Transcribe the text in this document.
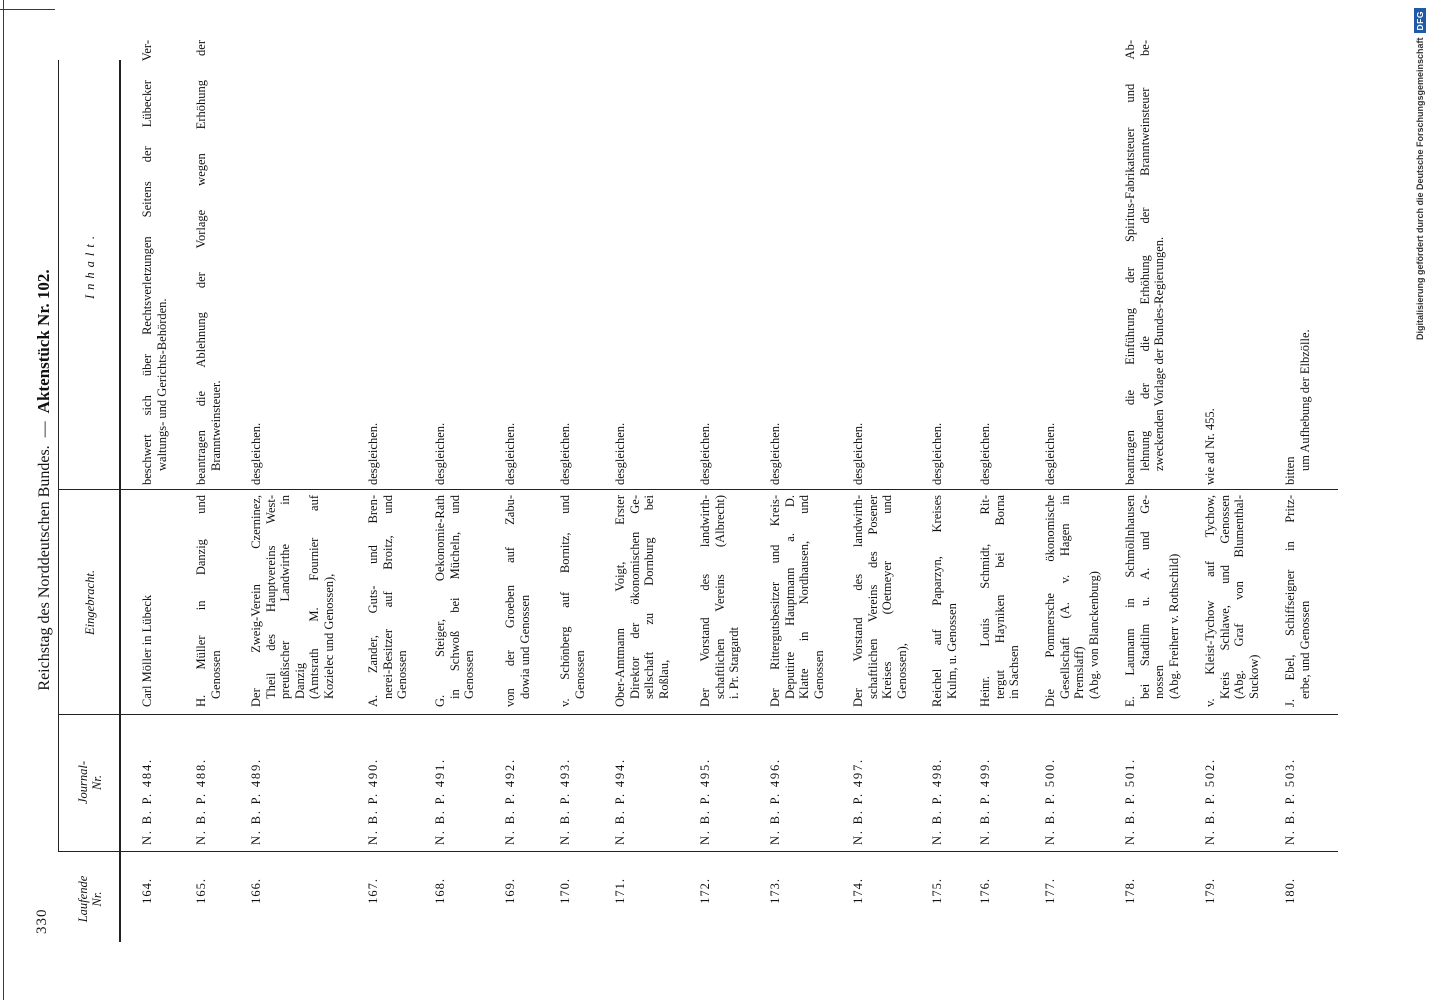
330
Reichstag des Norddeutschen Bundes.—Aktenstück Nr. 102.
Laufende Nr.
Journal- Nr.
Eingebracht.
Inhalt.
164.
N. B. P. 484.
Carl Möller in Lübeck
beschwert sich über Rechtsverletzungen Seitens der Lübecker Ver- waltungs- und Gerichts-Behörden.
165.
N. B. P. 488.
H. Müller in Danzig und Genossen
beantragen die Ablehnung der Vorlage wegen Erhöhung der Branntweinsteuer.
166.
N. B. P. 489.
Der Zweig-Verein Czerninez, Theil des Hauptvereins West- preußischer Landwirthe in Danzig (Amtsrath M. Fournier auf Kozielec und Genossen),
desgleichen.
167.
N. B. P. 490.
A. Zander, Guts- und Bren- nerei-Besitzer auf Broitz, und Genossen
desgleichen.
168.
N. B. P. 491.
G. Steiger, Oekonomie-Rath in Schwoß bei Mücheln, und Genossen
desgleichen.
169.
N. B. P. 492.
von der Groeben auf Zabu- dowia und Genossen
desgleichen.
170.
N. B. P. 493.
v. Schönberg auf Bornitz, und Genossen
desgleichen.
171.
N. B. P. 494.
Ober-Amtmann Voigt, Erster Direktor der ökonomischen Ge- sellschaft zu Dornburg bei Roßlau,
desgleichen.
172.
N. B. P. 495.
Der Vorstand des landwirth- schaftlichen Vereins (Albrecht) i. Pr. Stargardt
desgleichen.
173.
N. B. P. 496.
Der Rittergutsbesitzer und Kreis- Deputirte Hauptmann a. D. Klatte in Nordhausen, und Genossen
desgleichen.
174.
N. B. P. 497.
Der Vorstand des landwirth- schaftlichen Vereins des Posener Kreises (Oetmeyer und Genossen),
desgleichen.
175.
N. B. P. 498.
Reichel auf Paparzyn, Kreises Kulm, u. Genossen
desgleichen.
176.
N. B. P. 499.
Heinr. Louis Schmidt, Rit- tergut Hayniken bei Borna in Sachsen
desgleichen.
177.
N. B. P. 500.
Die Pommersche ökonomische Gesellschaft (A. v. Hagen in Premslaff) (Abg. von Blanckenburg)
desgleichen.
178.
N. B. P. 501.
E. Laumann in Schmöllnhausen bei Stadtilm u. A. und Ge- nossen (Abg. Freiherr v. Rothschild)
beantragen die Einführung der Spiritus-Fabrikatsteuer und Ab- lehnung der die Erhöhung der Branntweinsteuer be- zweckenden Vorlage der Bundes-Regierungen.
179.
N. B. P. 502.
v. Kleist-Tychow auf Tychow, Kreis Schlawe, und Genossen (Abg. Graf von Blumenthal- Suckow)
wie ad Nr. 455.
180.
N. B. P. 503.
J. Ebel, Schiffseigner in Pritz- erbe, und Genossen
bitten um Aufhebung der Elbzölle.
Digitalisierung gefördert durch die Deutsche Forschungsgemeinschaft
DFG
